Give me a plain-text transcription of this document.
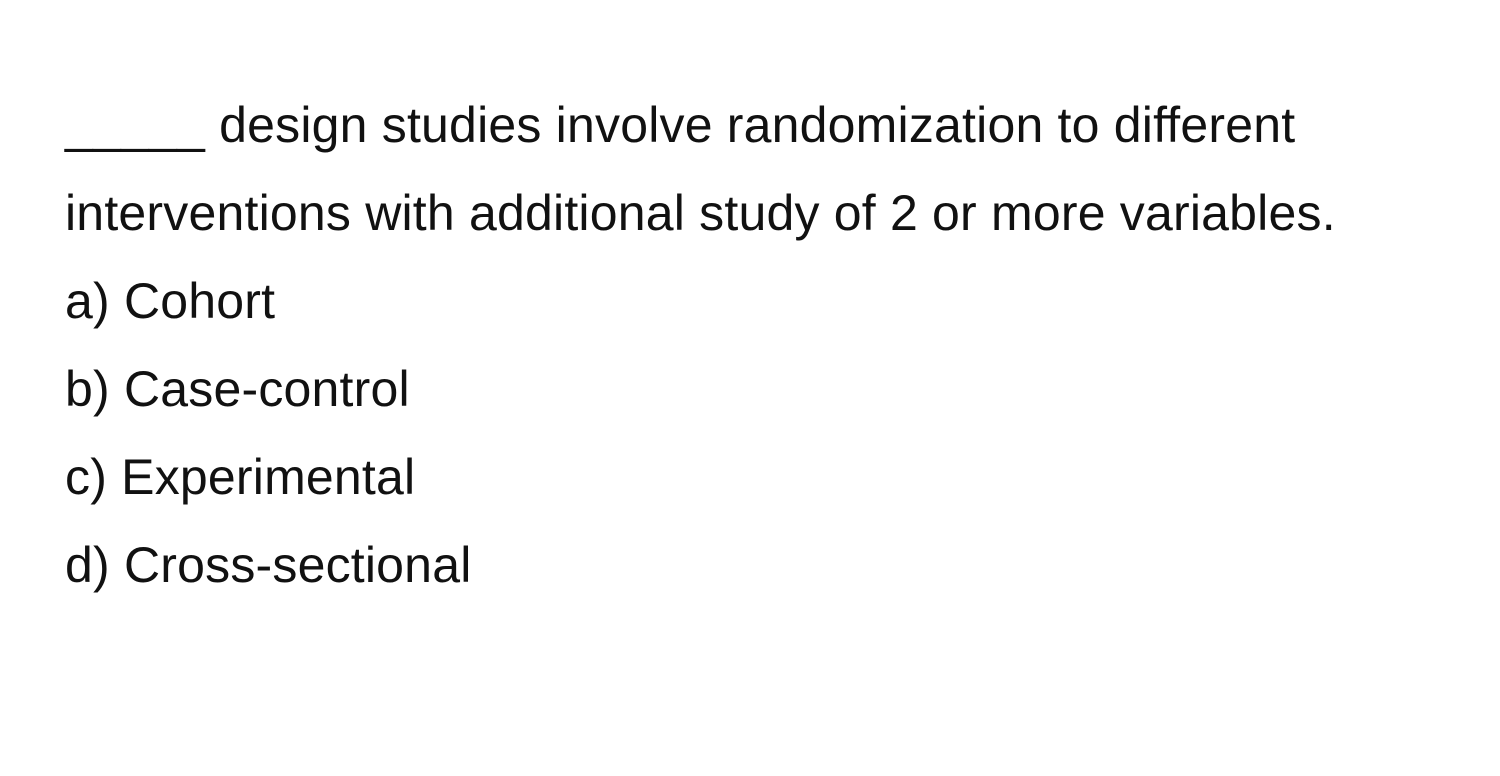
_____ design studies involve randomization to different interventions with additional study of 2 or more variables.

a) Cohort
b) Case-control
c) Experimental
d) Cross-sectional
